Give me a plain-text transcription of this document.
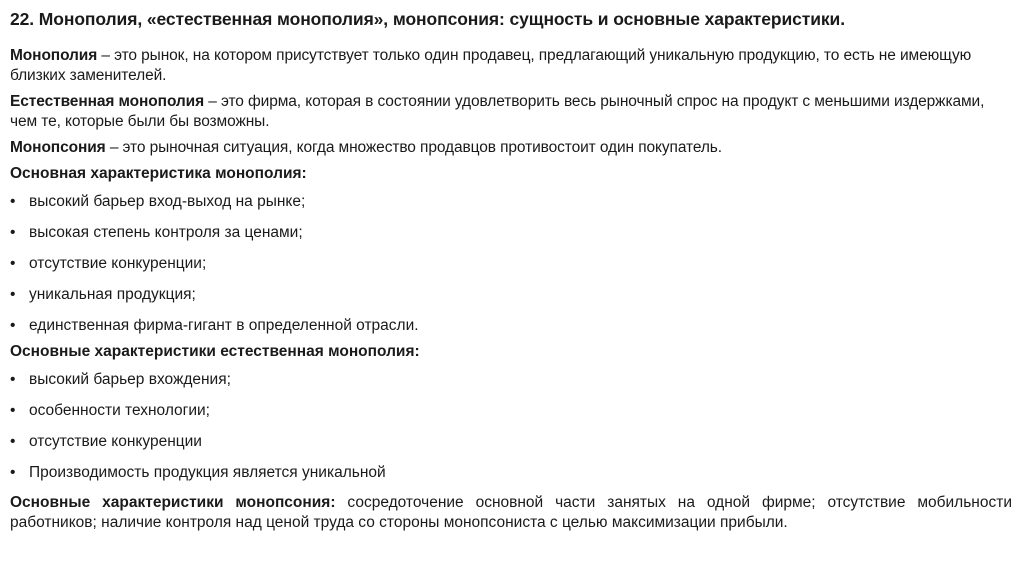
22. Монополия, «естественная монополия», монопсония: сущность и основные характеристики.

Монополия – это рынок, на котором присутствует только один продавец, предлагающий уникальную продукцию, то есть не имеющую близких заменителей.

Естественная монополия – это фирма, которая в состоянии удовлетворить весь рыночный спрос на продукт с меньшими издержками, чем те, которые были бы возможны.

Монопсония – это рыночная ситуация, когда множество продавцов противостоит один покупатель.

Основная характеристика монополия:
• высокий барьер вход-выход на рынке;
• высокая степень контроля за ценами;
• отсутствие конкуренции;
• уникальная продукция;
• единственная фирма-гигант в определенной отрасли.
Основные характеристики естественная монополия:
• высокий барьер вхождения;
• особенности технологии;
• отсутствие конкуренции
• Производимость продукция является уникальной

Основные характеристики монопсония: сосредоточение основной части занятых на одной фирме; отсутствие мобильности работников; наличие контроля над ценой труда со стороны монопсониста с целью максимизации прибыли.
